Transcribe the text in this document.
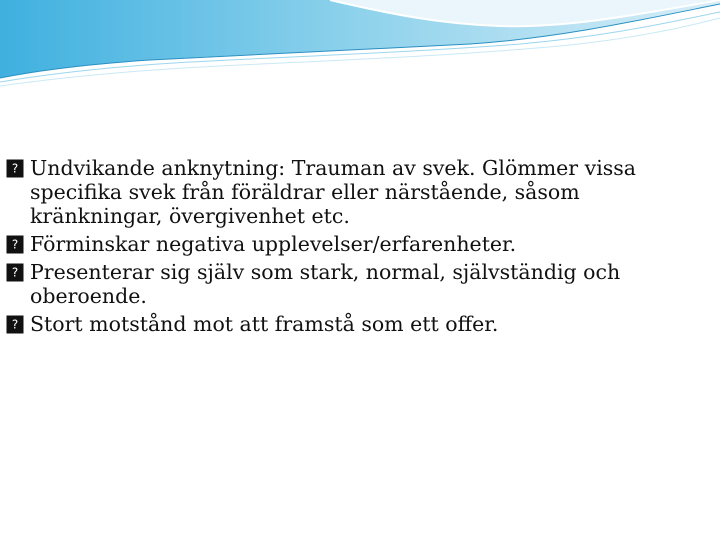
? Undvikande anknytning: Trauman av svek. Glömmer vissa specifika svek från föräldrar eller närstående, såsom kränkningar, övergivenhet etc.
? Förminskar negativa upplevelser/erfarenheter.
? Presenterar sig själv som stark, normal, självständig och oberoende.
? Stort motstånd mot att framstå som ett offer.
